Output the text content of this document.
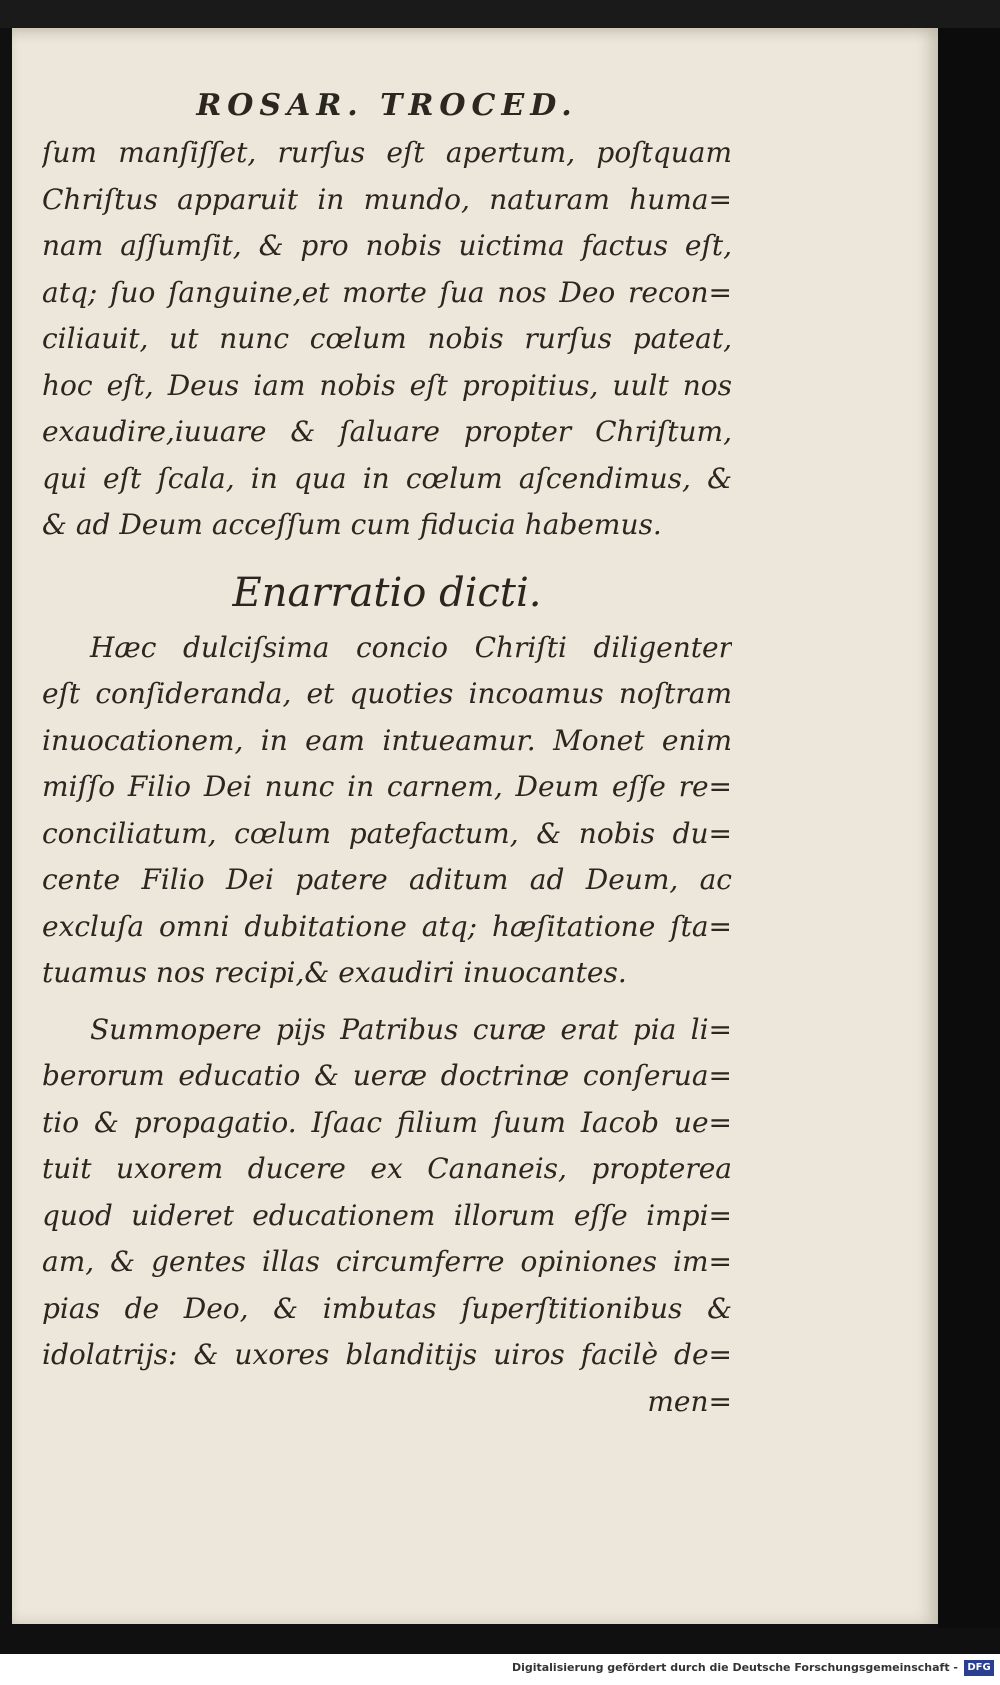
ROSAR. TROCED.
ſum manſiſſet, rurſus eſt apertum, poſtquam
Chriſtus apparuit in mundo, naturam huma=
nam aſſumſit, & pro nobis uictima factus eſt,
atq; ſuo ſanguine,et morte ſua nos Deo recon=
ciliauit, ut nunc cœlum nobis rurſus pateat,
hoc eſt, Deus iam nobis eſt propitius, uult nos
exaudire,iuuare & ſaluare propter Chriſtum,
qui eſt ſcala, in qua in cœlum aſcendimus, &
& ad Deum acceſſum cum fiducia habemus.
Enarratio dicti.
Hæc dulciſsima concio Chriſti diligenter
eſt conſideranda, et quoties incoamus noſtram
inuocationem, in eam intueamur. Monet enim
miſſo Filio Dei nunc in carnem, Deum eſſe re=
conciliatum, cœlum patefactum, & nobis du=
cente Filio Dei patere aditum ad Deum, ac
excluſa omni dubitatione atq; hæſitatione ſta=
tuamus nos recipi,& exaudiri inuocantes.
Summopere pijs Patribus curæ erat pia li=
berorum educatio & ueræ doctrinæ conſerua=
tio & propagatio. Iſaac filium ſuum Iacob ue=
tuit uxorem ducere ex Cananeis, propterea
quod uideret educationem illorum eſſe impi=
am, & gentes illas circumferre opiniones im=
pias de Deo, & imbutas ſuperſtitionibus &
idolatrijs: & uxores blanditijs uiros facilè de=
men=
Digitalisierung gefördert durch die Deutsche Forschungsgemeinschaft - DFG
